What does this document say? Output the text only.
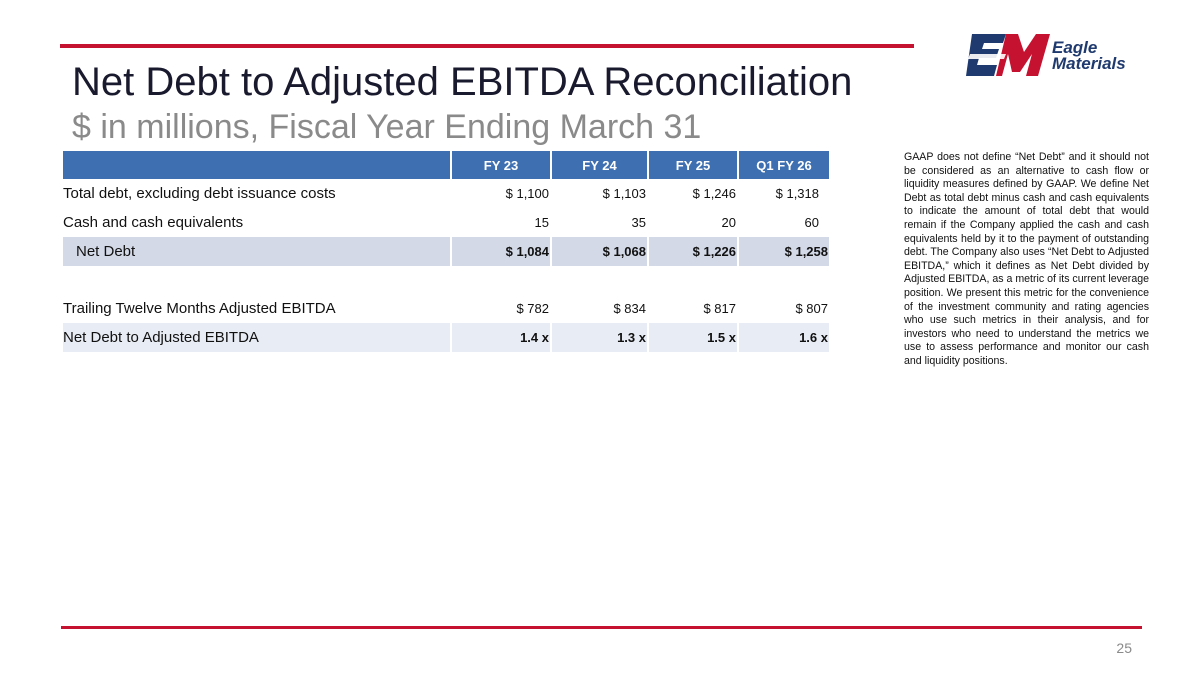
Eagle
Materials
Net Debt to Adjusted EBITDA Reconciliation
$ in millions, Fiscal Year Ending March 31
	FY 23	FY 24	FY 25	Q1 FY 26
Total debt, excluding debt issuance costs	$ 1,100	$ 1,103	$ 1,246	$ 1,318
Cash and cash equivalents	15	35	20	60
Net Debt	$ 1,084	$ 1,068	$ 1,226	$ 1,258

Trailing Twelve Months Adjusted EBITDA	$ 782	$ 834	$ 817	$ 807
Net Debt to Adjusted EBITDA	1.4 x	1.3 x	1.5 x	1.6 x
GAAP does not define “Net Debt” and it should not be considered as an alternative to cash flow or liquidity measures defined by GAAP. We define Net Debt as total debt minus cash and cash equivalents to indicate the amount of total debt that would remain if the Company applied the cash and cash equivalents held by it to the payment of outstanding debt. The Company also uses “Net Debt to Adjusted EBITDA,” which it defines as Net Debt divided by Adjusted EBITDA, as a metric of its current leverage position. We present this metric for the convenience of the investment community and rating agencies who use such metrics in their analysis, and for investors who need to understand the metrics we use to assess performance and monitor our cash and liquidity positions.
25
